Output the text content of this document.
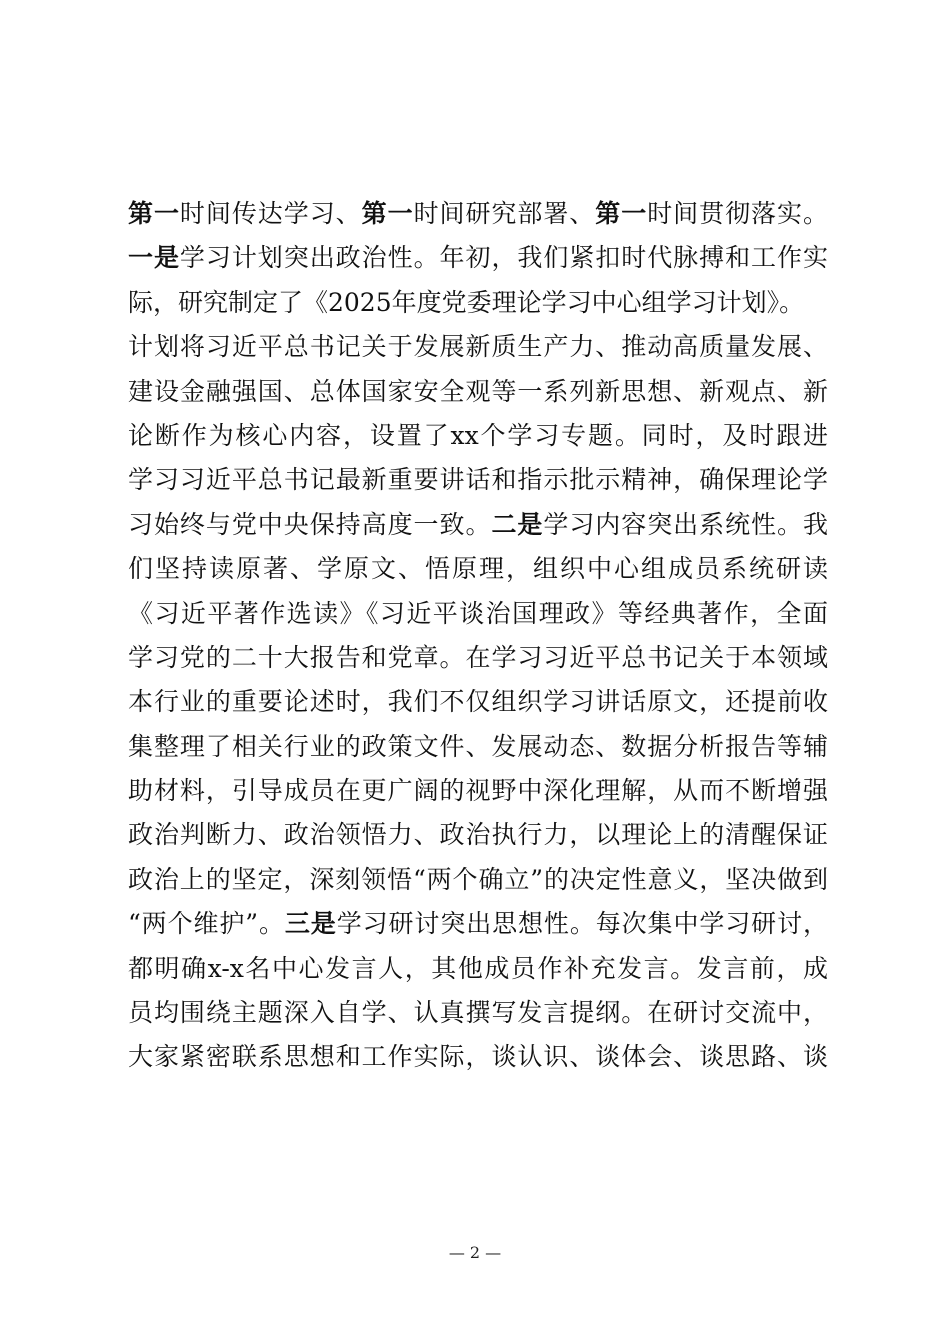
第一时间传达学习、第一时间研究部署、第一时间贯彻落实。
一是学习计划突出政治性。年初，我们紧扣时代脉搏和工作实
际，研究制定了《2025年度党委理论学习中心组学习计划》。
计划将习近平总书记关于发展新质生产力、推动高质量发展、
建设金融强国、总体国家安全观等一系列新思想、新观点、新
论断作为核心内容，设置了xx个学习专题。同时，及时跟进
学习习近平总书记最新重要讲话和指示批示精神，确保理论学
习始终与党中央保持高度一致。二是学习内容突出系统性。我
们坚持读原著、学原文、悟原理，组织中心组成员系统研读
《习近平著作选读》《习近平谈治国理政》等经典著作，全面
学习党的二十大报告和党章。在学习习近平总书记关于本领域
本行业的重要论述时，我们不仅组织学习讲话原文，还提前收
集整理了相关行业的政策文件、发展动态、数据分析报告等辅
助材料，引导成员在更广阔的视野中深化理解，从而不断增强
政治判断力、政治领悟力、政治执行力，以理论上的清醒保证
政治上的坚定，深刻领悟“两个确立”的决定性意义，坚决做到
“两个维护”。三是学习研讨突出思想性。每次集中学习研讨，
都明确x-x名中心发言人，其他成员作补充发言。发言前，成
员均围绕主题深入自学、认真撰写发言提纲。在研讨交流中，
大家紧密联系思想和工作实际，谈认识、谈体会、谈思路、谈
— 2 —
